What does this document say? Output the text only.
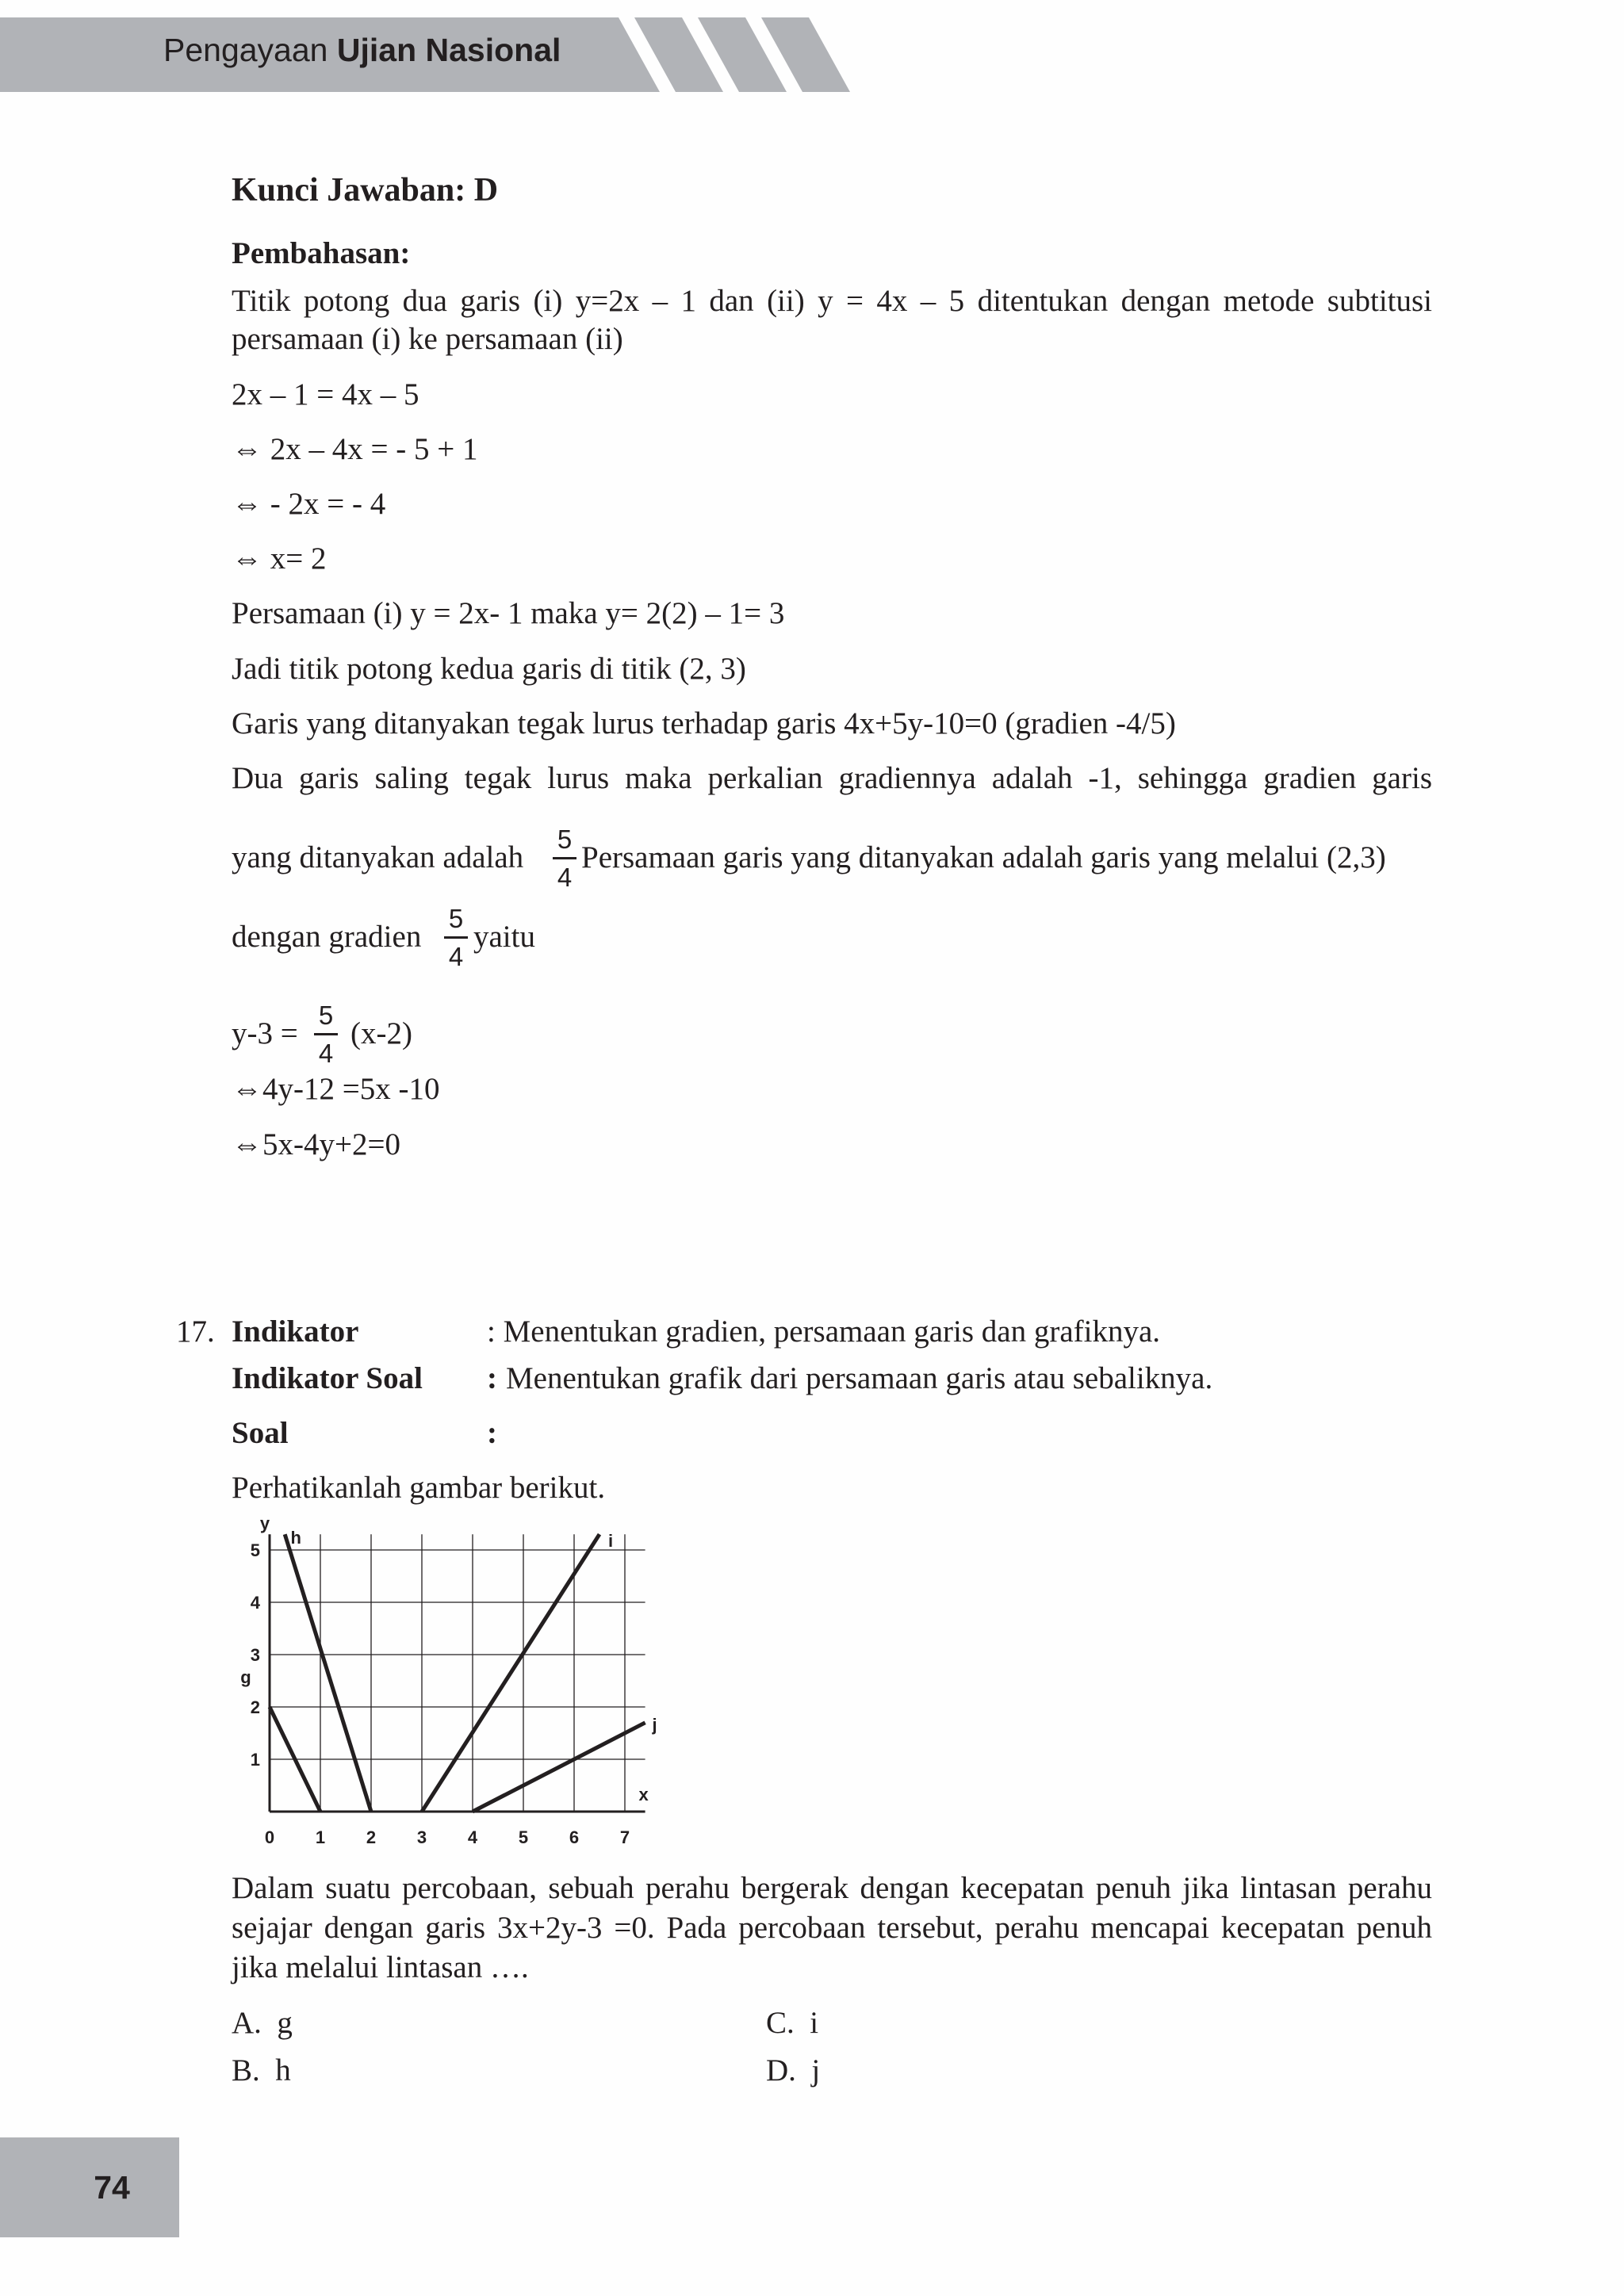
Pengayaan Ujian Nasional
Kunci Jawaban: D
Pembahasan:
Titik potong dua garis (i) y=2x – 1 dan (ii) y = 4x – 5 ditentukan dengan metode subtitusi
persamaan (i) ke persamaan (ii)
2x – 1 = 4x – 5
⇔ 2x – 4x = - 5 + 1
⇔ - 2x = - 4
⇔ x= 2
Persamaan (i) y = 2x- 1 maka y= 2(2) – 1= 3
Jadi titik potong kedua garis di titik (2, 3)
Garis yang ditanyakan tegak lurus terhadap garis 4x+5y-10=0 (gradien -4/5)
Dua garis saling tegak lurus maka perkalian gradiennya adalah -1, sehingga gradien garis
yang ditanyakan adalah
5
4
Persamaan garis yang ditanyakan adalah garis yang melalui (2,3)
dengan gradien
5
4
yaitu
y-3 =
5
4
(x-2)
⇔4y-12 =5x -10
⇔5x-4y+2=0
17. Indikator	: Menentukan gradien, persamaan garis dan grafiknya.
Indikator Soal : Menentukan grafik dari persamaan garis atau sebaliknya.
Soal	:
Perhatikanlah gambar berikut.
0 1 2 3 4 5 6 7
1
2
3
4
5
x
y
g
h	i
j
Dalam suatu percobaan, sebuah perahu bergerak dengan kecepatan penuh jika lintasan perahu
sejajar dengan garis 3x+2y-3 =0. Pada percobaan tersebut, perahu mencapai kecepatan penuh
jika melalui lintasan ….
A. g
B. h
C. i
D. j
74
